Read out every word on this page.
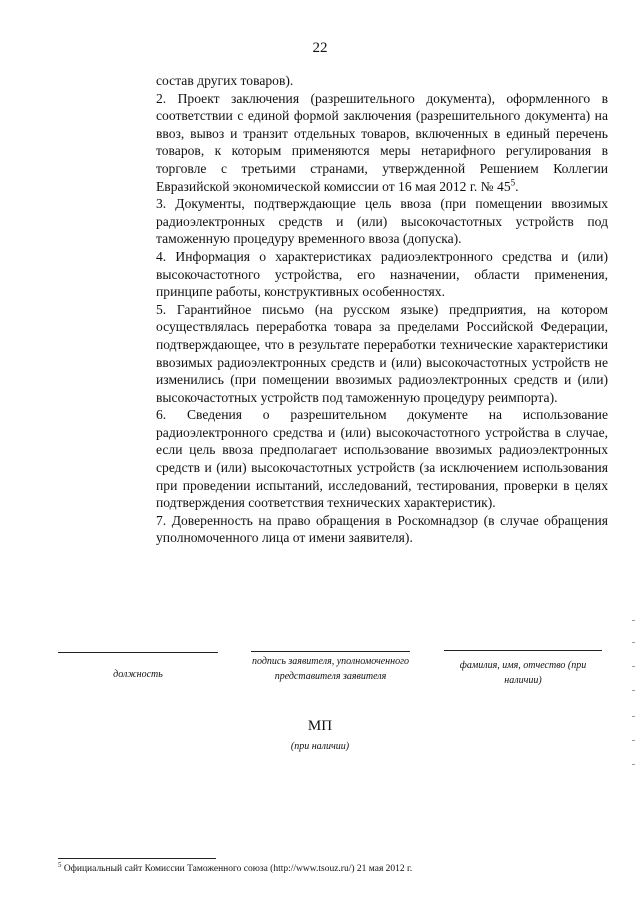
22

состав других товаров).

2. Проект заключения (разрешительного документа), оформленного в соответствии с единой формой заключения (разрешительного документа) на ввоз, вывоз и транзит отдельных товаров, включенных в единый перечень товаров, к которым применяются меры нетарифного регулирования в торговле с третьими странами, утвержденной Решением Коллегии Евразийской экономической комиссии от 16 мая 2012 г. № $45^5$.

3. Документы, подтверждающие цель ввоза (при помещении ввозимых радиоэлектронных средств и (или) высокочастотных устройств под таможенную процедуру временного ввоза (допуска).

4. Информация о характеристиках радиоэлектронного средства и (или) высокочастотного устройства, его назначении, области применения, принципе работы, конструктивных особенностях.

5. Гарантийное письмо (на русском языке) предприятия, на котором осуществлялась переработка товара за пределами Российской Федерации, подтверждающее, что в результате переработки технические характеристики ввозимых радиоэлектронных средств и (или) высокочастотных устройств не изменились (при помещении ввозимых радиоэлектронных средств и (или) высокочастотных устройств под таможенную процедуру реимпорта).

6. Сведения о разрешительном документе на использование радиоэлектронного средства и (или) высокочастотного устройства в случае, если цель ввоза предполагает использование ввозимых радиоэлектронных средств и (или) высокочастотных устройств (за исключением использования при проведении испытаний, исследований, тестирования, проверки в целях подтверждения соответствия технических характеристик).

7. Доверенность на право обращения в Роскомнадзор (в случае обращения уполномоченного лица от имени заявителя).

должность
подпись заявителя, уполномоченного представителя заявителя
фамилия, имя, отчество (при наличии)
МП
(при наличии)
$^5$ Официальный сайт Комиссии Таможенного союза (http://www.tsouz.ru/) 21 мая 2012 г.
